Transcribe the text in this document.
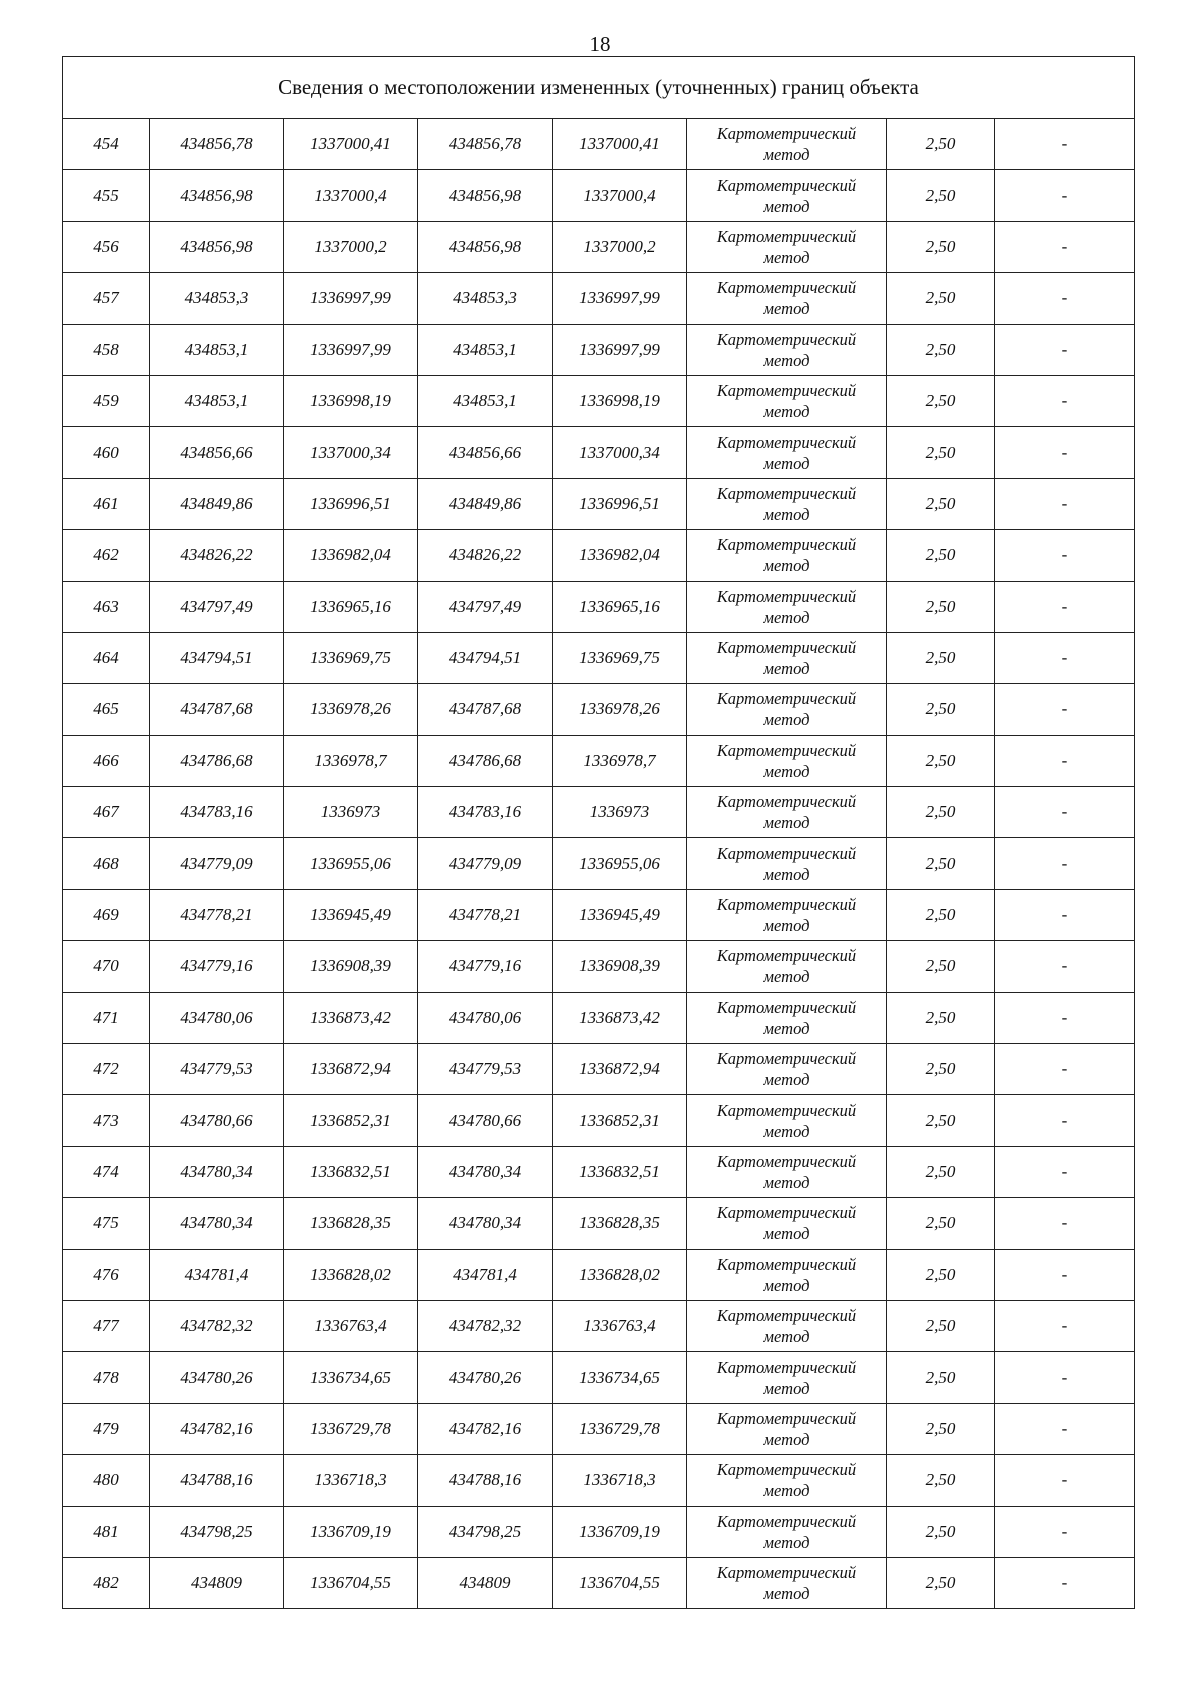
18
Сведения о местоположении измененных (уточненных) границ объекта							
454	434856,78	1337000,41	434856,78	1337000,41	Картометрический метод	2,50	-
455	434856,98	1337000,4	434856,98	1337000,4	Картометрический метод	2,50	-
456	434856,98	1337000,2	434856,98	1337000,2	Картометрический метод	2,50	-
457	434853,3	1336997,99	434853,3	1336997,99	Картометрический метод	2,50	-
458	434853,1	1336997,99	434853,1	1336997,99	Картометрический метод	2,50	-
459	434853,1	1336998,19	434853,1	1336998,19	Картометрический метод	2,50	-
460	434856,66	1337000,34	434856,66	1337000,34	Картометрический метод	2,50	-
461	434849,86	1336996,51	434849,86	1336996,51	Картометрический метод	2,50	-
462	434826,22	1336982,04	434826,22	1336982,04	Картометрический метод	2,50	-
463	434797,49	1336965,16	434797,49	1336965,16	Картометрический метод	2,50	-
464	434794,51	1336969,75	434794,51	1336969,75	Картометрический метод	2,50	-
465	434787,68	1336978,26	434787,68	1336978,26	Картометрический метод	2,50	-
466	434786,68	1336978,7	434786,68	1336978,7	Картометрический метод	2,50	-
467	434783,16	1336973	434783,16	1336973	Картометрический метод	2,50	-
468	434779,09	1336955,06	434779,09	1336955,06	Картометрический метод	2,50	-
469	434778,21	1336945,49	434778,21	1336945,49	Картометрический метод	2,50	-
470	434779,16	1336908,39	434779,16	1336908,39	Картометрический метод	2,50	-
471	434780,06	1336873,42	434780,06	1336873,42	Картометрический метод	2,50	-
472	434779,53	1336872,94	434779,53	1336872,94	Картометрический метод	2,50	-
473	434780,66	1336852,31	434780,66	1336852,31	Картометрический метод	2,50	-
474	434780,34	1336832,51	434780,34	1336832,51	Картометрический метод	2,50	-
475	434780,34	1336828,35	434780,34	1336828,35	Картометрический метод	2,50	-
476	434781,4	1336828,02	434781,4	1336828,02	Картометрический метод	2,50	-
477	434782,32	1336763,4	434782,32	1336763,4	Картометрический метод	2,50	-
478	434780,26	1336734,65	434780,26	1336734,65	Картометрический метод	2,50	-
479	434782,16	1336729,78	434782,16	1336729,78	Картометрический метод	2,50	-
480	434788,16	1336718,3	434788,16	1336718,3	Картометрический метод	2,50	-
481	434798,25	1336709,19	434798,25	1336709,19	Картометрический метод	2,50	-
482	434809	1336704,55	434809	1336704,55	Картометрический метод	2,50	-
